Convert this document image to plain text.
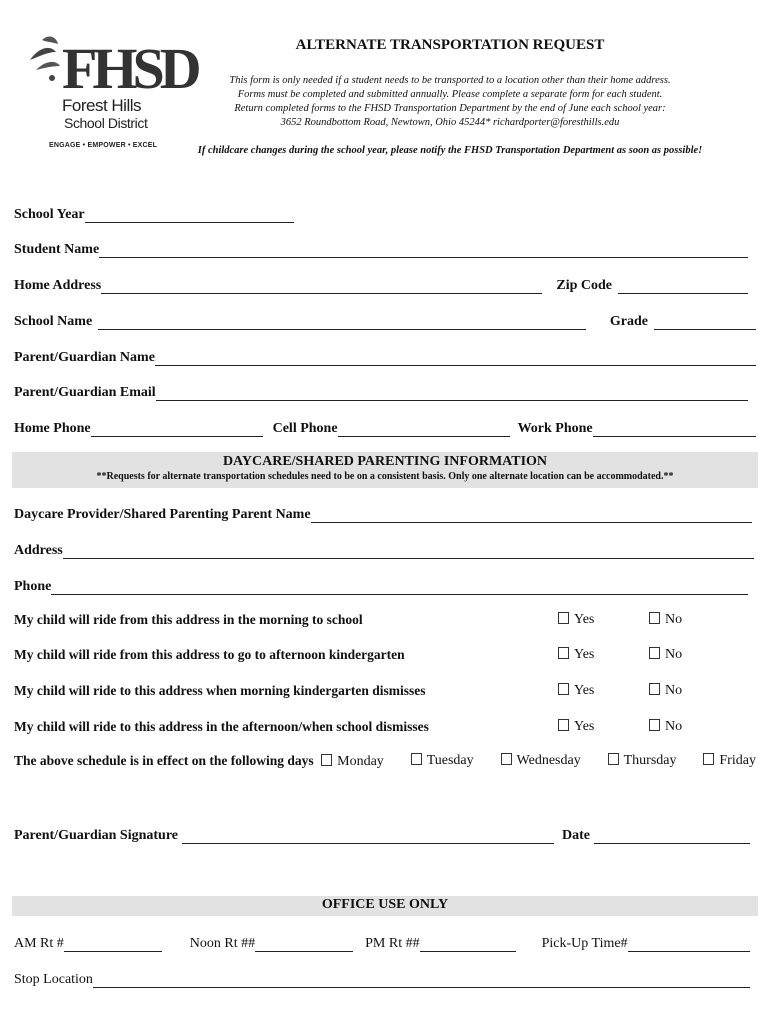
FHSD
Forest Hills
School District
ENGAGE • EMPOWER • EXCEL
ALTERNATE TRANSPORTATION REQUEST
This form is only needed if a student needs to be transported to a location other than their home address.
Forms must be completed and submitted annually. Please complete a separate form for each student.
Return completed forms to the FHSD Transportation Department by the end of June each school year:
3652 Roundbottom Road, Newtown, Ohio 45244* richardporter@foresthills.edu
If childcare changes during the school year, please notify the FHSD Transportation Department as soon as possible!
School Year
Student Name
Home Address	Zip Code
School Name	Grade
Parent/Guardian Name
Parent/Guardian Email
Home Phone	Cell Phone	Work Phone
DAYCARE/SHARED PARENTING INFORMATION
**Requests for alternate transportation schedules need to be on a consistent basis. Only one alternate location can be accommodated.**
Daycare Provider/Shared Parenting Parent Name
Address
Phone
My child will ride from this address in the morning to school	Yes	No
My child will ride from this address to go to afternoon kindergarten	Yes	No
My child will ride to this address when morning kindergarten dismisses	Yes	No
My child will ride to this address in the afternoon/when school dismisses	Yes	No
The above schedule is in effect on the following days Monday	Tuesday	Wednesday	Thursday	Friday
Parent/Guardian Signature	Date
OFFICE USE ONLY
AM Rt #	Noon Rt ##	PM Rt ##	Pick-Up Time#
Stop Location
